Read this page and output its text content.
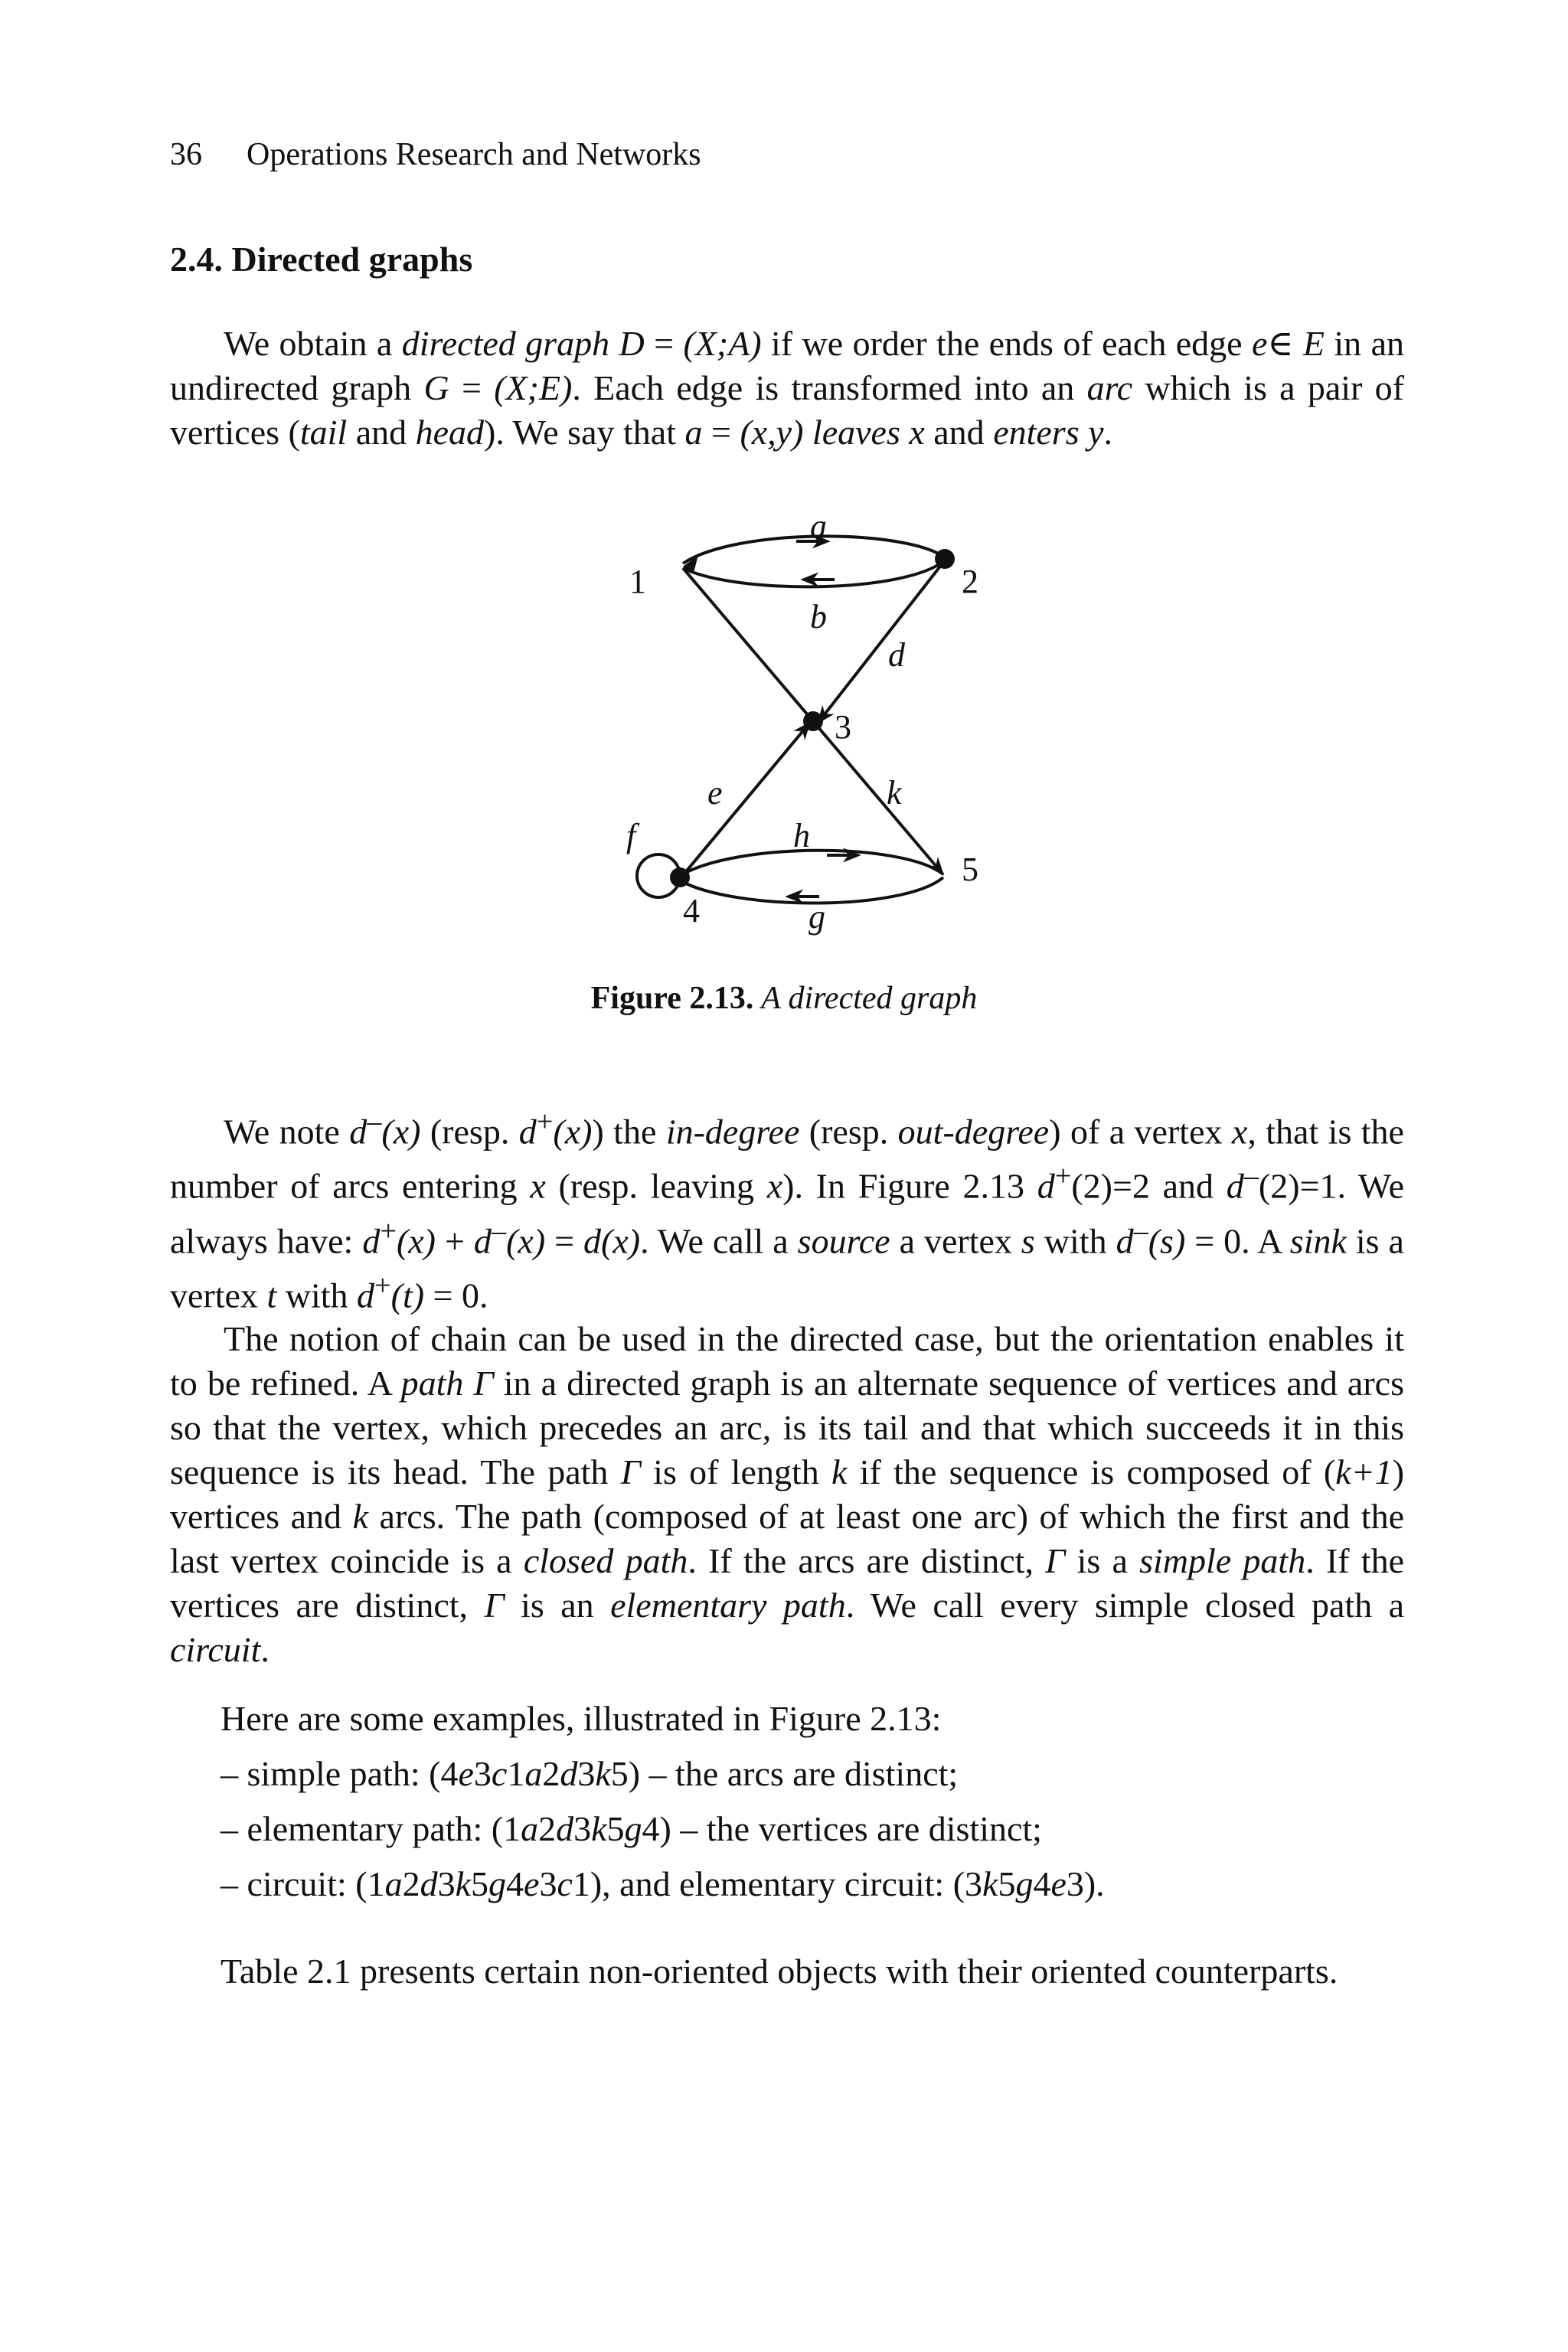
36 Operations Research and Networks
2.4. Directed graphs

We obtain a directed graph D = (X;A) if we order the ends of each edge e∈ E in an undirected graph G = (X;E). Each edge is transformed into an arc which is a pair of vertices (tail and head). We say that a = (x,y) leaves x and enters y.

1	2
3
4
5
a
b
d
e	k
f	h
g
Figure 2.13. A directed graph

We note d–(x) (resp. d+(x)) the in-degree (resp. out-degree) of a vertex x, that is the number of arcs entering x (resp. leaving x). In Figure 2.13 d+(2)=2 and d–(2)=1. We always have: d+(x) + d–(x) = d(x). We call a source a vertex s with d–(s) = 0. A sink is a vertex t with d+(t) = 0.

The notion of chain can be used in the directed case, but the orientation enables it to be refined. A path Γ in a directed graph is an alternate sequence of vertices and arcs so that the vertex, which precedes an arc, is its tail and that which succeeds it in this sequence is its head. The path Γ is of length k if the sequence is composed of (k+1) vertices and k arcs. The path (composed of at least one arc) of which the first and the last vertex coincide is a closed path. If the arcs are distinct, Γ is a simple path. If the vertices are distinct, Γ is an elementary path. We call every simple closed path a circuit.

Here are some examples, illustrated in Figure 2.13:
– simple path: (4e3c1a2d3k5) – the arcs are distinct;
– elementary path: (1a2d3k5g4) – the vertices are distinct;
– circuit: (1a2d3k5g4e3c1), and elementary circuit: (3k5g4e3).
Table 2.1 presents certain non-oriented objects with their oriented counterparts.
